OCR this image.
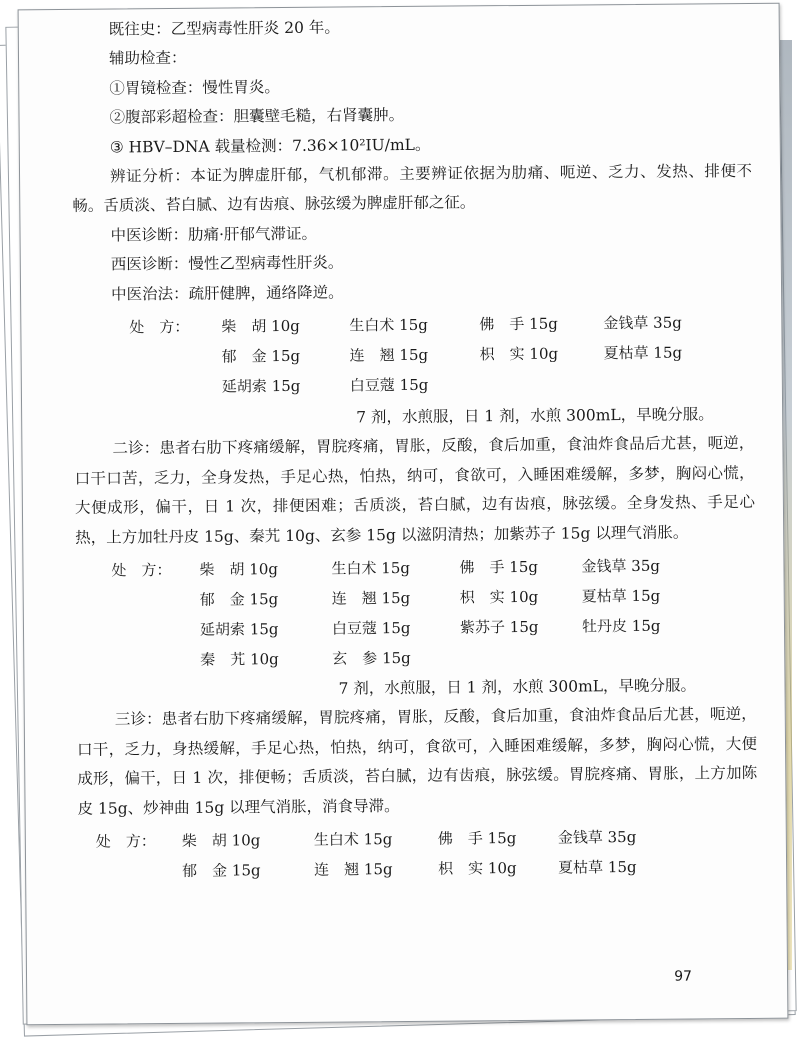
既往史：乙型病毒性肝炎 20 年。
辅助检查：
①胃镜检查：慢性胃炎。
②腹部彩超检查：胆囊壁毛糙，右肾囊肿。
③ HBV–DNA 载量检测：7.36×10²IU/mL。
辨证分析：本证为脾虚肝郁，气机郁滞。主要辨证依据为肋痛、呃逆、乏力、发热、排便不畅。舌质淡、苔白腻、边有齿痕、脉弦缓为脾虚肝郁之征。
中医诊断：肋痛·肝郁气滞证。
西医诊断：慢性乙型病毒性肝炎。
中医治法：疏肝健脾，通络降逆。
处　方： 柴　胡 10g	生白术 15g	佛　手 15g	金钱草 35g
郁　金 15g	连　翘 15g	枳　实 10g	夏枯草 15g
延胡索 15g	白豆蔻 15g
7 剂，水煎服，日 1 剂，水煎 300mL，早晚分服。
二诊：患者右肋下疼痛缓解，胃脘疼痛，胃胀，反酸，食后加重，食油炸食品后尤甚，呃逆，口干口苦，乏力，全身发热，手足心热，怕热，纳可，食欲可，入睡困难缓解，多梦，胸闷心慌，大便成形，偏干，日 1 次，排便困难；舌质淡，苔白腻，边有齿痕，脉弦缓。全身发热、手足心热，上方加牡丹皮 15g、秦艽 10g、玄参 15g 以滋阴清热；加紫苏子 15g 以理气消胀。
处　方： 柴　胡 10g	生白术 15g	佛　手 15g	金钱草 35g
郁　金 15g	连　翘 15g	枳　实 10g	夏枯草 15g
延胡索 15g	白豆蔻 15g	紫苏子 15g	牡丹皮 15g
秦　艽 10g	玄　参 15g
7 剂，水煎服，日 1 剂，水煎 300mL，早晚分服。
三诊：患者右肋下疼痛缓解，胃脘疼痛，胃胀，反酸，食后加重，食油炸食品后尤甚，呃逆，口干，乏力，身热缓解，手足心热，怕热，纳可，食欲可，入睡困难缓解，多梦，胸闷心慌，大便成形，偏干，日 1 次，排便畅；舌质淡，苔白腻，边有齿痕，脉弦缓。胃脘疼痛、胃胀，上方加陈皮 15g、炒神曲 15g 以理气消胀，消食导滞。
处　方： 柴　胡 10g	生白术 15g	佛　手 15g	金钱草 35g
郁　金 15g	连　翘 15g	枳　实 10g	夏枯草 15g
97
